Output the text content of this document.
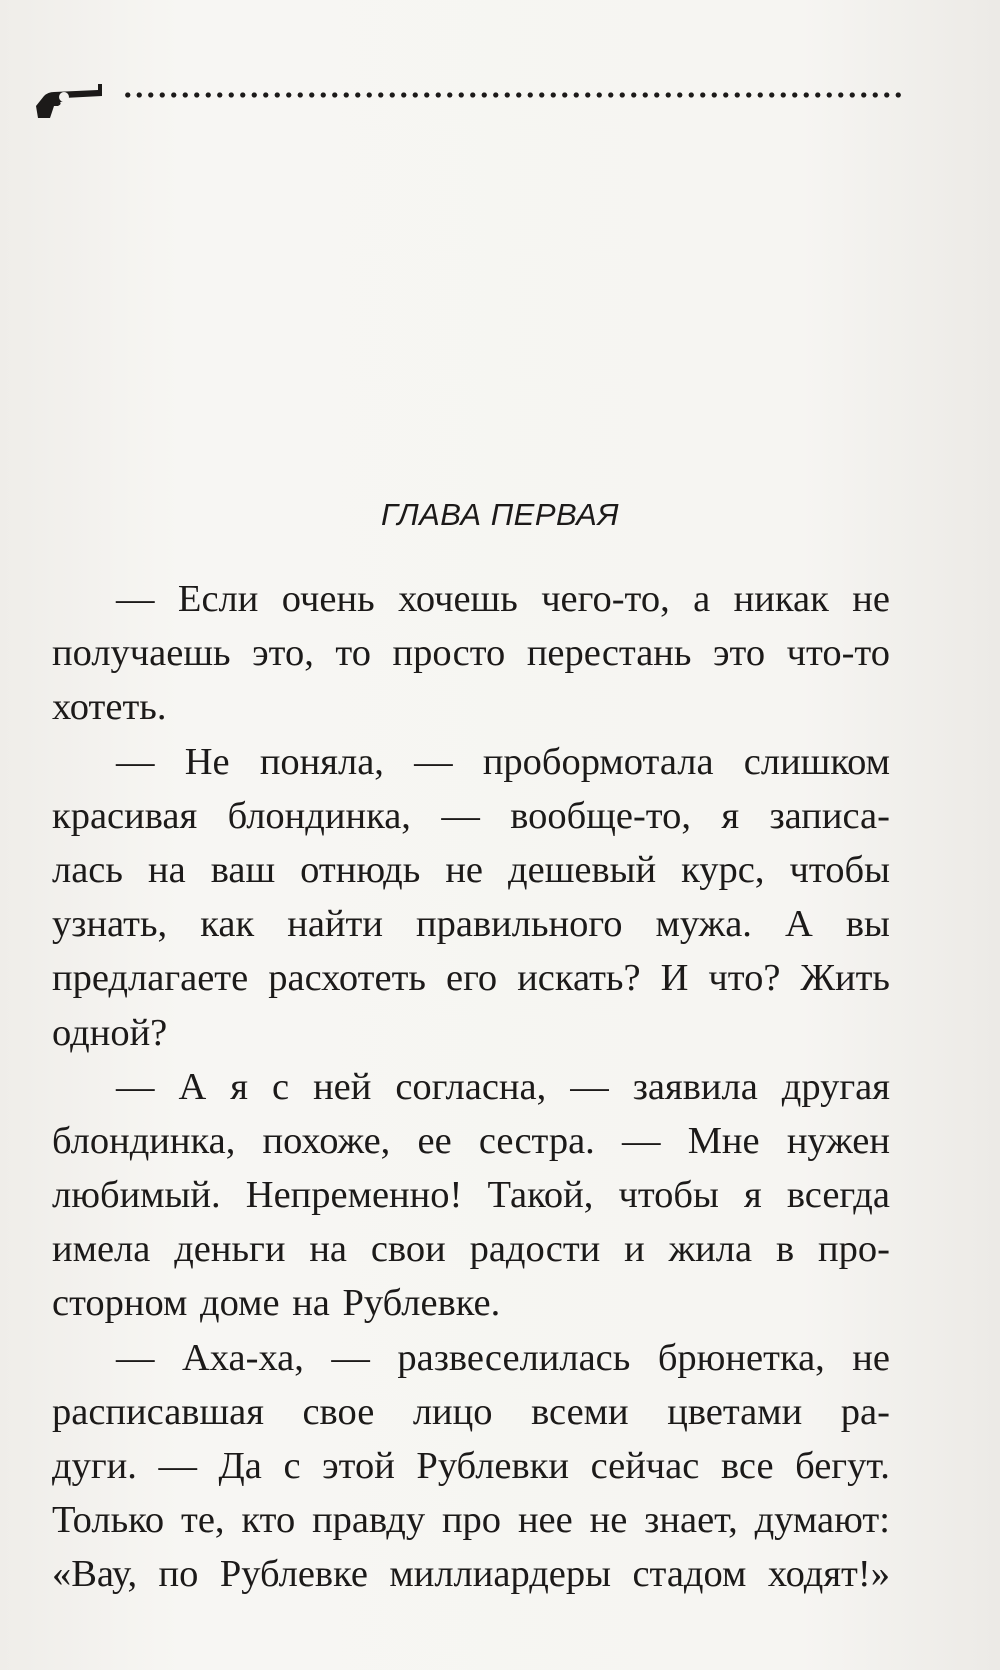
ГЛАВА ПЕРВАЯ
— Если очень хочешь чего-то, а никак не
получаешь это, то просто перестань это что-то
хотеть.
— Не поняла, — пробормотала слишком
красивая блондинка, — вообще-то, я записа-
лась на ваш отнюдь не дешевый курс, чтобы
узнать, как найти правильного мужа. А вы
предлагаете расхотеть его искать? И что? Жить
одной?
— А я с ней согласна, — заявила другая
блондинка, похоже, ее сестра. — Мне нужен
любимый. Непременно! Такой, чтобы я всегда
имела деньги на свои радости и жила в про-
сторном доме на Рублевке.
— Аха-ха, — развеселилась брюнетка, не
расписавшая свое лицо всеми цветами ра-
дуги. — Да с этой Рублевки сейчас все бегут.
Только те, кто правду про нее не знает, думают:
«Вау, по Рублевке миллиардеры стадом ходят!»
